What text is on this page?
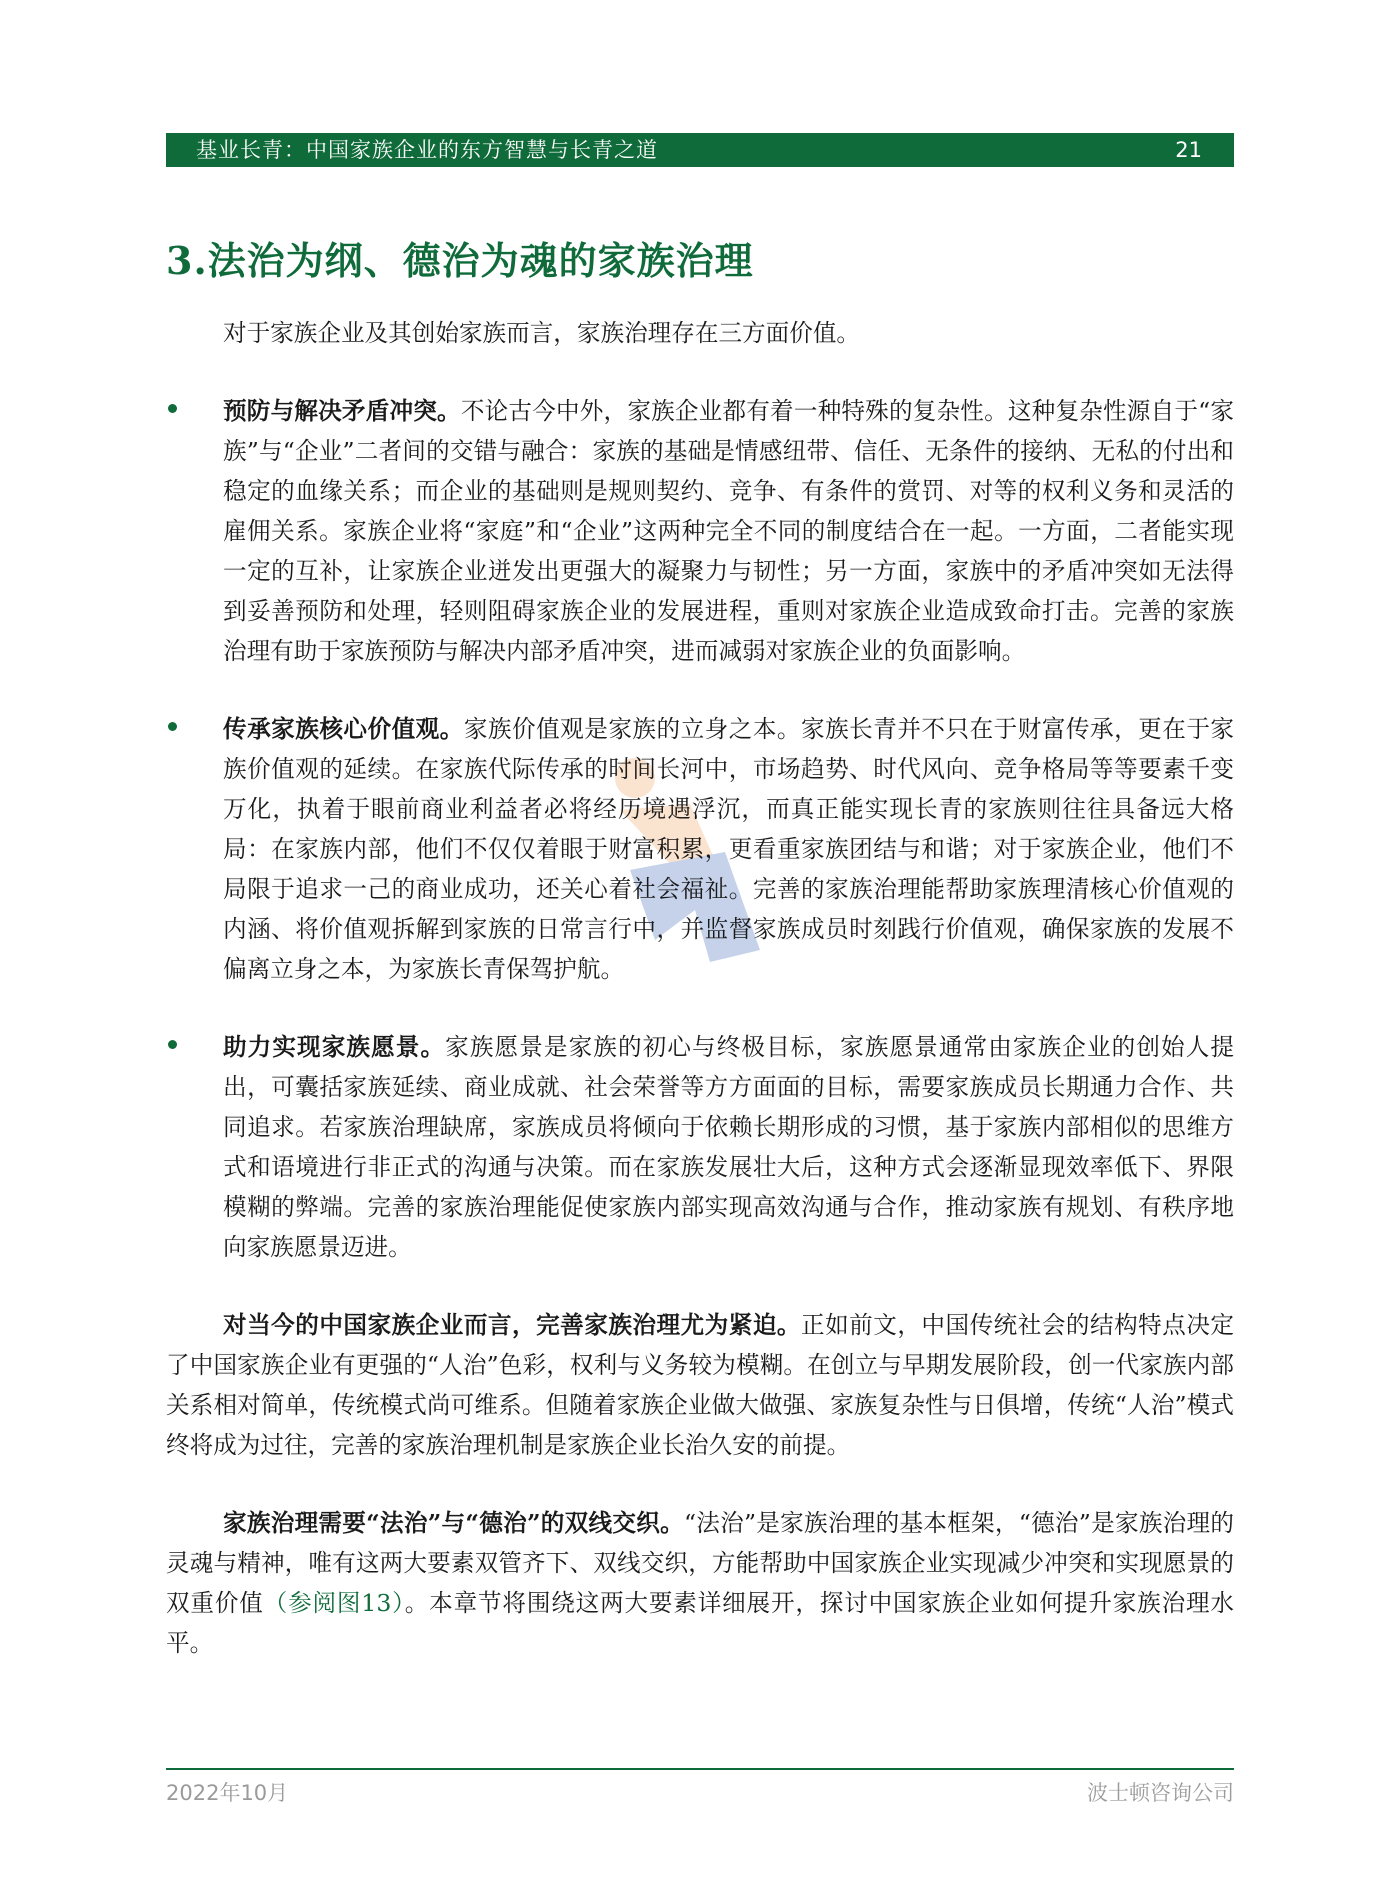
基业长青：中国家族企业的东方智慧与长青之道	21
3.法治为纲、德治为魂的家族治理

对于家族企业及其创始家族而言，家族治理存在三方面价值。

预防与解决矛盾冲突。不论古今中外，家族企业都有着一种特殊的复杂性。这种复杂性源自于“家族”与“企业”二者间的交错与融合：家族的基础是情感纽带、信任、无条件的接纳、无私的付出和稳定的血缘关系；而企业的基础则是规则契约、竞争、有条件的赏罚、对等的权利义务和灵活的雇佣关系。家族企业将“家庭”和“企业”这两种完全不同的制度结合在一起。一方面，二者能实现一定的互补，让家族企业迸发出更强大的凝聚力与韧性；另一方面，家族中的矛盾冲突如无法得到妥善预防和处理，轻则阻碍家族企业的发展进程，重则对家族企业造成致命打击。完善的家族治理有助于家族预防与解决内部矛盾冲突，进而减弱对家族企业的负面影响。

传承家族核心价值观。家族价值观是家族的立身之本。家族长青并不只在于财富传承，更在于家族价值观的延续。在家族代际传承的时间长河中，市场趋势、时代风向、竞争格局等等要素千变万化，执着于眼前商业利益者必将经历境遇浮沉，而真正能实现长青的家族则往往具备远大格局：在家族内部，他们不仅仅着眼于财富积累，更看重家族团结与和谐；对于家族企业，他们不局限于追求一己的商业成功，还关心着社会福祉。完善的家族治理能帮助家族理清核心价值观的内涵、将价值观拆解到家族的日常言行中，并监督家族成员时刻践行价值观，确保家族的发展不偏离立身之本，为家族长青保驾护航。

助力实现家族愿景。家族愿景是家族的初心与终极目标，家族愿景通常由家族企业的创始人提出，可囊括家族延续、商业成就、社会荣誉等方方面面的目标，需要家族成员长期通力合作、共同追求。若家族治理缺席，家族成员将倾向于依赖长期形成的习惯，基于家族内部相似的思维方式和语境进行非正式的沟通与决策。而在家族发展壮大后，这种方式会逐渐显现效率低下、界限模糊的弊端。完善的家族治理能促使家族内部实现高效沟通与合作，推动家族有规划、有秩序地向家族愿景迈进。

对当今的中国家族企业而言，完善家族治理尤为紧迫。正如前文，中国传统社会的结构特点决定了中国家族企业有更强的“人治”色彩，权利与义务较为模糊。在创立与早期发展阶段，创一代家族内部关系相对简单，传统模式尚可维系。但随着家族企业做大做强、家族复杂性与日俱增，传统“人治”模式终将成为过往，完善的家族治理机制是家族企业长治久安的前提。

家族治理需要“法治”与“德治”的双线交织。“法治”是家族治理的基本框架，“德治”是家族治理的灵魂与精神，唯有这两大要素双管齐下、双线交织，方能帮助中国家族企业实现减少冲突和实现愿景的双重价值（参阅图13）。本章节将围绕这两大要素详细展开，探讨中国家族企业如何提升家族治理水平。

2022年10月	波士顿咨询公司
